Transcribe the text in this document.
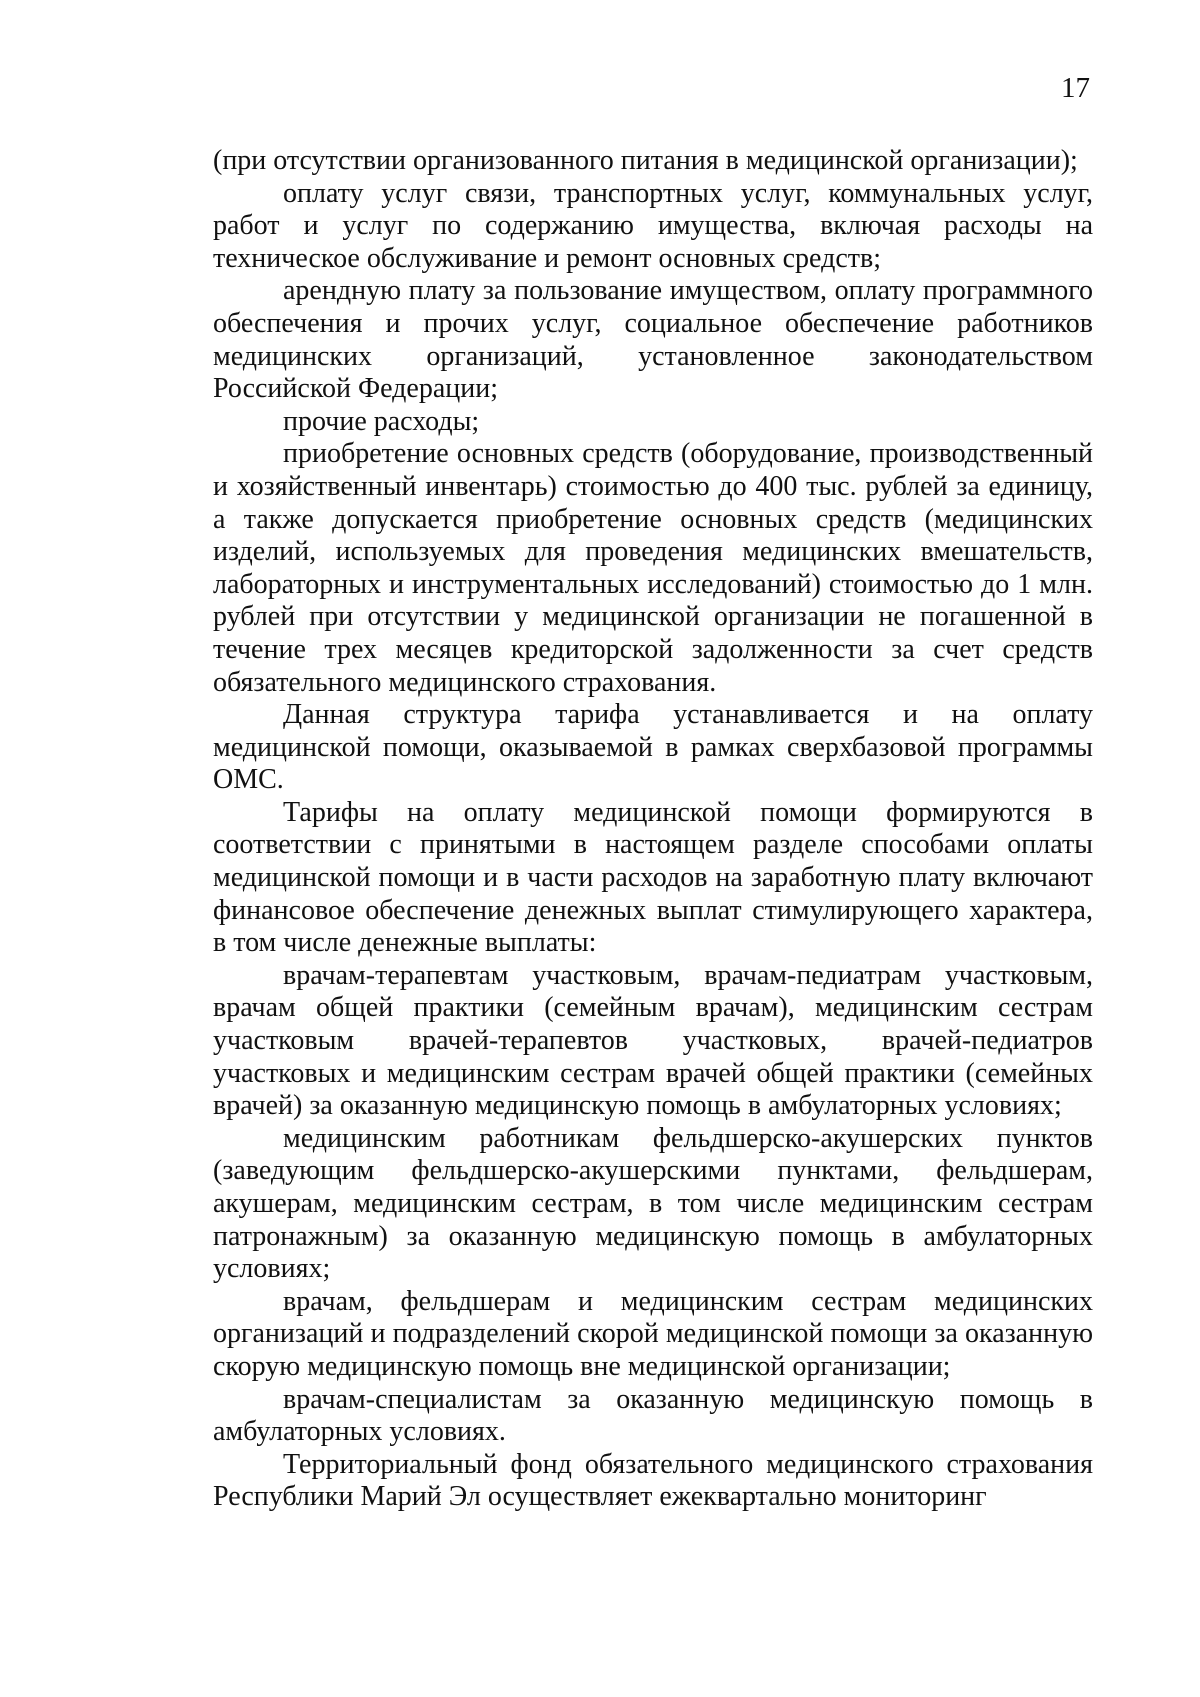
17

(при отсутствии организованного питания в медицинской организации);

оплату услуг связи, транспортных услуг, коммунальных услуг, работ и услуг по содержанию имущества, включая расходы на техническое обслуживание и ремонт основных средств;

арендную плату за пользование имуществом, оплату программного обеспечения и прочих услуг, социальное обеспечение работников медицинских организаций, установленное законодательством Российской Федерации;

прочие расходы;

приобретение основных средств (оборудование, производственный и хозяйственный инвентарь) стоимостью до 400 тыс. рублей за единицу, а также допускается приобретение основных средств (медицинских изделий, используемых для проведения медицинских вмешательств, лабораторных и инструментальных исследований) стоимостью до 1 млн. рублей при отсутствии у медицинской организации не погашенной в течение трех месяцев кредиторской задолженности за счет средств обязательного медицинского страхования.

Данная структура тарифа устанавливается и на оплату медицинской помощи, оказываемой в рамках сверхбазовой программы ОМС.

Тарифы на оплату медицинской помощи формируются в соответствии с принятыми в настоящем разделе способами оплаты медицинской помощи и в части расходов на заработную плату включают финансовое обеспечение денежных выплат стимулирующего характера, в том числе денежные выплаты:

врачам-терапевтам участковым, врачам-педиатрам участковым, врачам общей практики (семейным врачам), медицинским сестрам участковым врачей-терапевтов участковых, врачей-педиатров участковых и медицинским сестрам врачей общей практики (семейных врачей) за оказанную медицинскую помощь в амбулаторных условиях;

медицинским работникам фельдшерско-акушерских пунктов (заведующим фельдшерско-акушерскими пунктами, фельдшерам, акушерам, медицинским сестрам, в том числе медицинским сестрам патронажным) за оказанную медицинскую помощь в амбулаторных условиях;

врачам, фельдшерам и медицинским сестрам медицинских организаций и подразделений скорой медицинской помощи за оказанную скорую медицинскую помощь вне медицинской организации;

врачам-специалистам за оказанную медицинскую помощь в амбулаторных условиях.

Территориальный фонд обязательного медицинского страхования Республики Марий Эл осуществляет ежеквартально мониторинг
